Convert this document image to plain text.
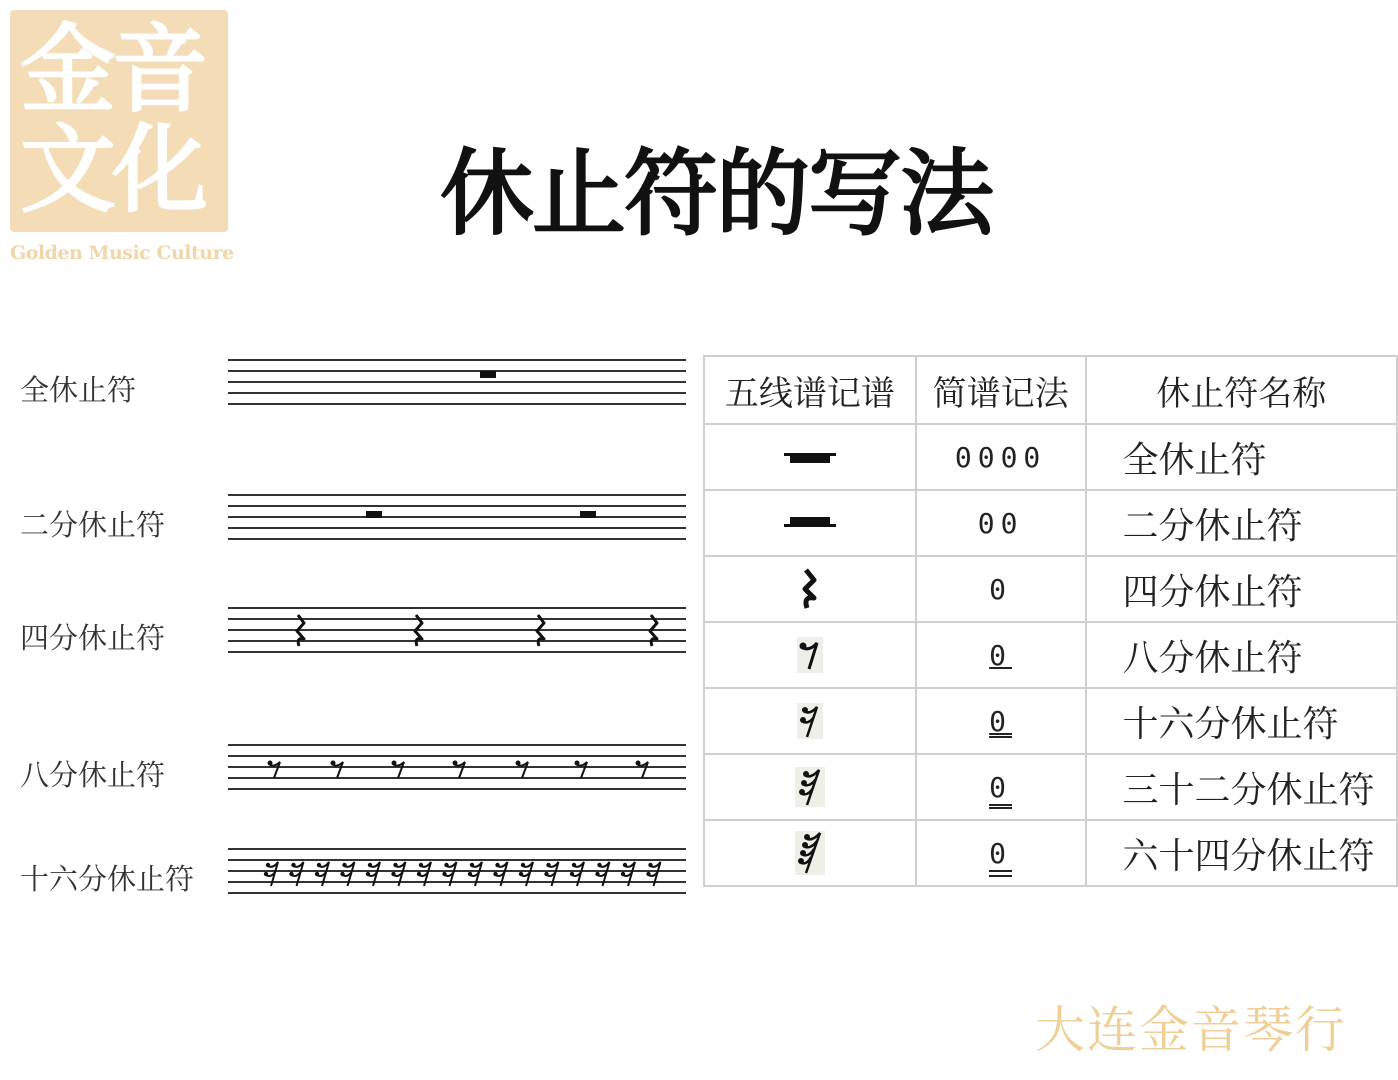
金音
文化
Golden Music Culture
休止符的写法
全休止符
二分休止符
四分休止符
八分休止符
十六分休止符
五线谱记谱	简谱记法	休止符名称

	0000	全休止符

	00	二分休止符

	0	四分休止符

	0	八分休止符

	0	十六分休止符

	0	三十二分休止符

	0	六十四分休止符
大连金音琴行
